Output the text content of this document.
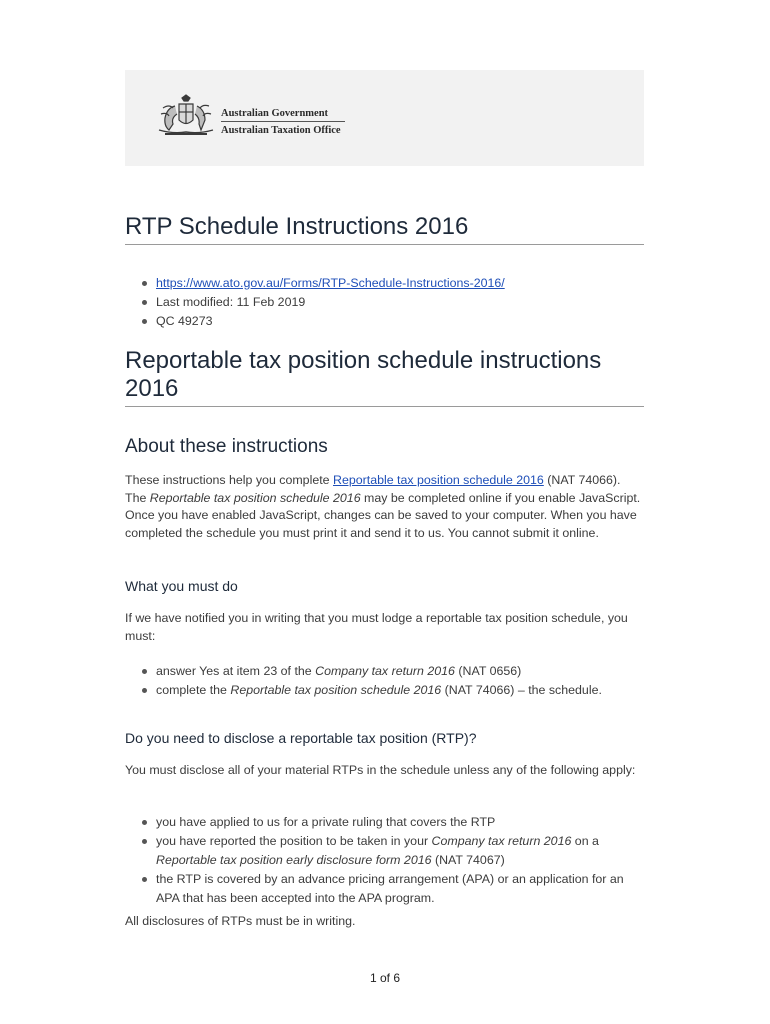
Australian Government
Australian Taxation Office
RTP Schedule Instructions 2016
https://www.ato.gov.au/Forms/RTP-Schedule-Instructions-2016/
Last modified: 11 Feb 2019
QC 49273
Reportable tax position schedule instructions 2016
About these instructions

These instructions help you complete Reportable tax position schedule 2016 (NAT 74066). The Reportable tax position schedule 2016 may be completed online if you enable JavaScript. Once you have enabled JavaScript, changes can be saved to your computer. When you have completed the schedule you must print it and send it to us. You cannot submit it online.

What you must do

If we have notified you in writing that you must lodge a reportable tax position schedule, you must:

answer Yes at item 23 of the Company tax return 2016 (NAT 0656)
complete the Reportable tax position schedule 2016 (NAT 74066) – the schedule.
Do you need to disclose a reportable tax position (RTP)?

You must disclose all of your material RTPs in the schedule unless any of the following apply:

you have applied to us for a private ruling that covers the RTP
you have reported the position to be taken in your Company tax return 2016 on a Reportable tax position early disclosure form 2016 (NAT 74067)
the RTP is covered by an advance pricing arrangement (APA) or an application for an APA that has been accepted into the APA program.

All disclosures of RTPs must be in writing.

1 of 6
